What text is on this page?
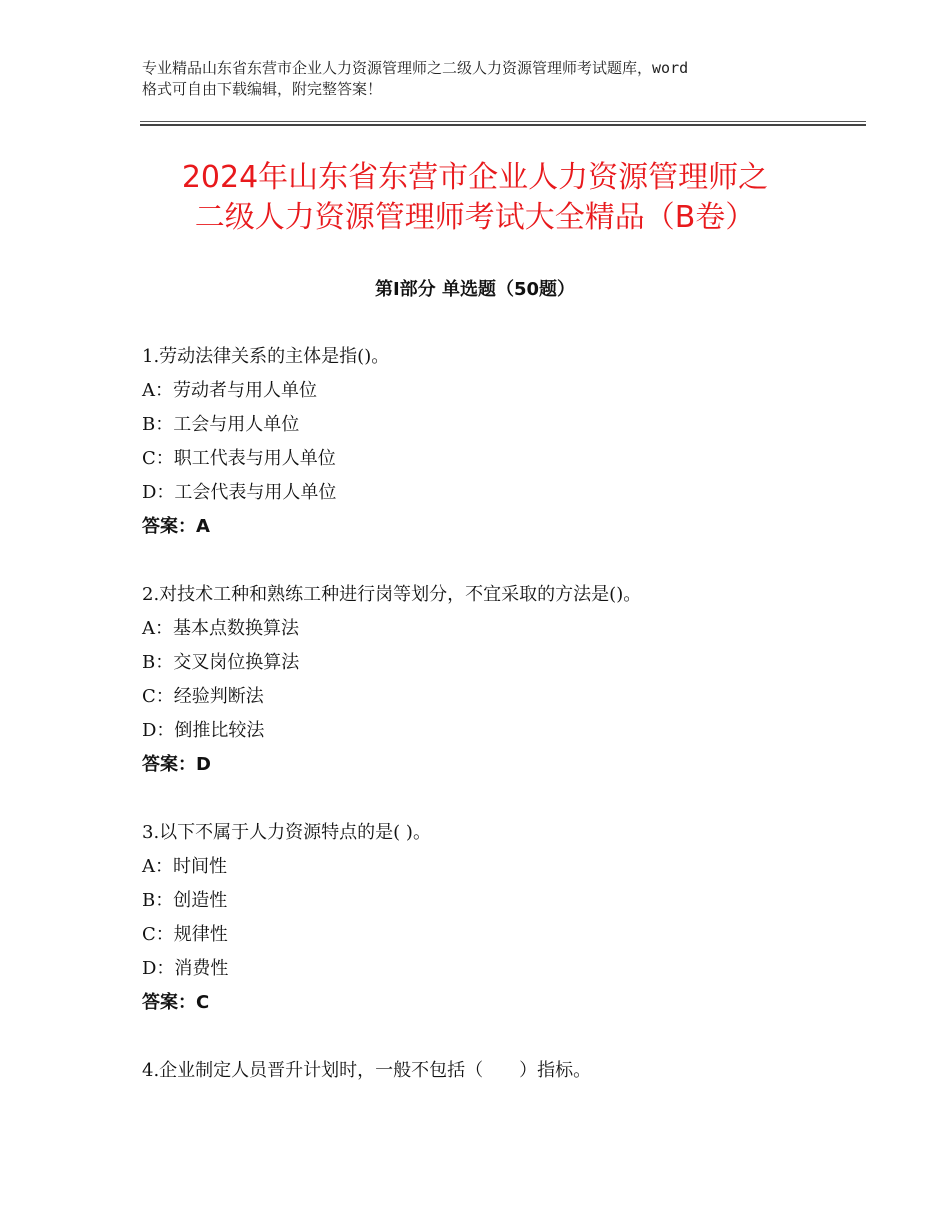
专业精品山东省东营市企业人力资源管理师之二级人力资源管理师考试题库，word
格式可自由下载编辑，附完整答案！
2024年山东省东营市企业人力资源管理师之
二级人力资源管理师考试大全精品（B卷）
第Ⅰ部分 单选题（50题）
1.劳动法律关系的主体是指()。
A：劳动者与用人单位
B：工会与用人单位
C：职工代表与用人单位
D：工会代表与用人单位
答案：A
2.对技术工种和熟练工种进行岗等划分，不宜采取的方法是()。
A：基本点数换算法
B：交叉岗位换算法
C：经验判断法
D：倒推比较法
答案：D
3.以下不属于人力资源特点的是( )。
A：时间性
B：创造性
C：规律性
D：消费性
答案：C
4.企业制定人员晋升计划时，一般不包括（　　）指标。
